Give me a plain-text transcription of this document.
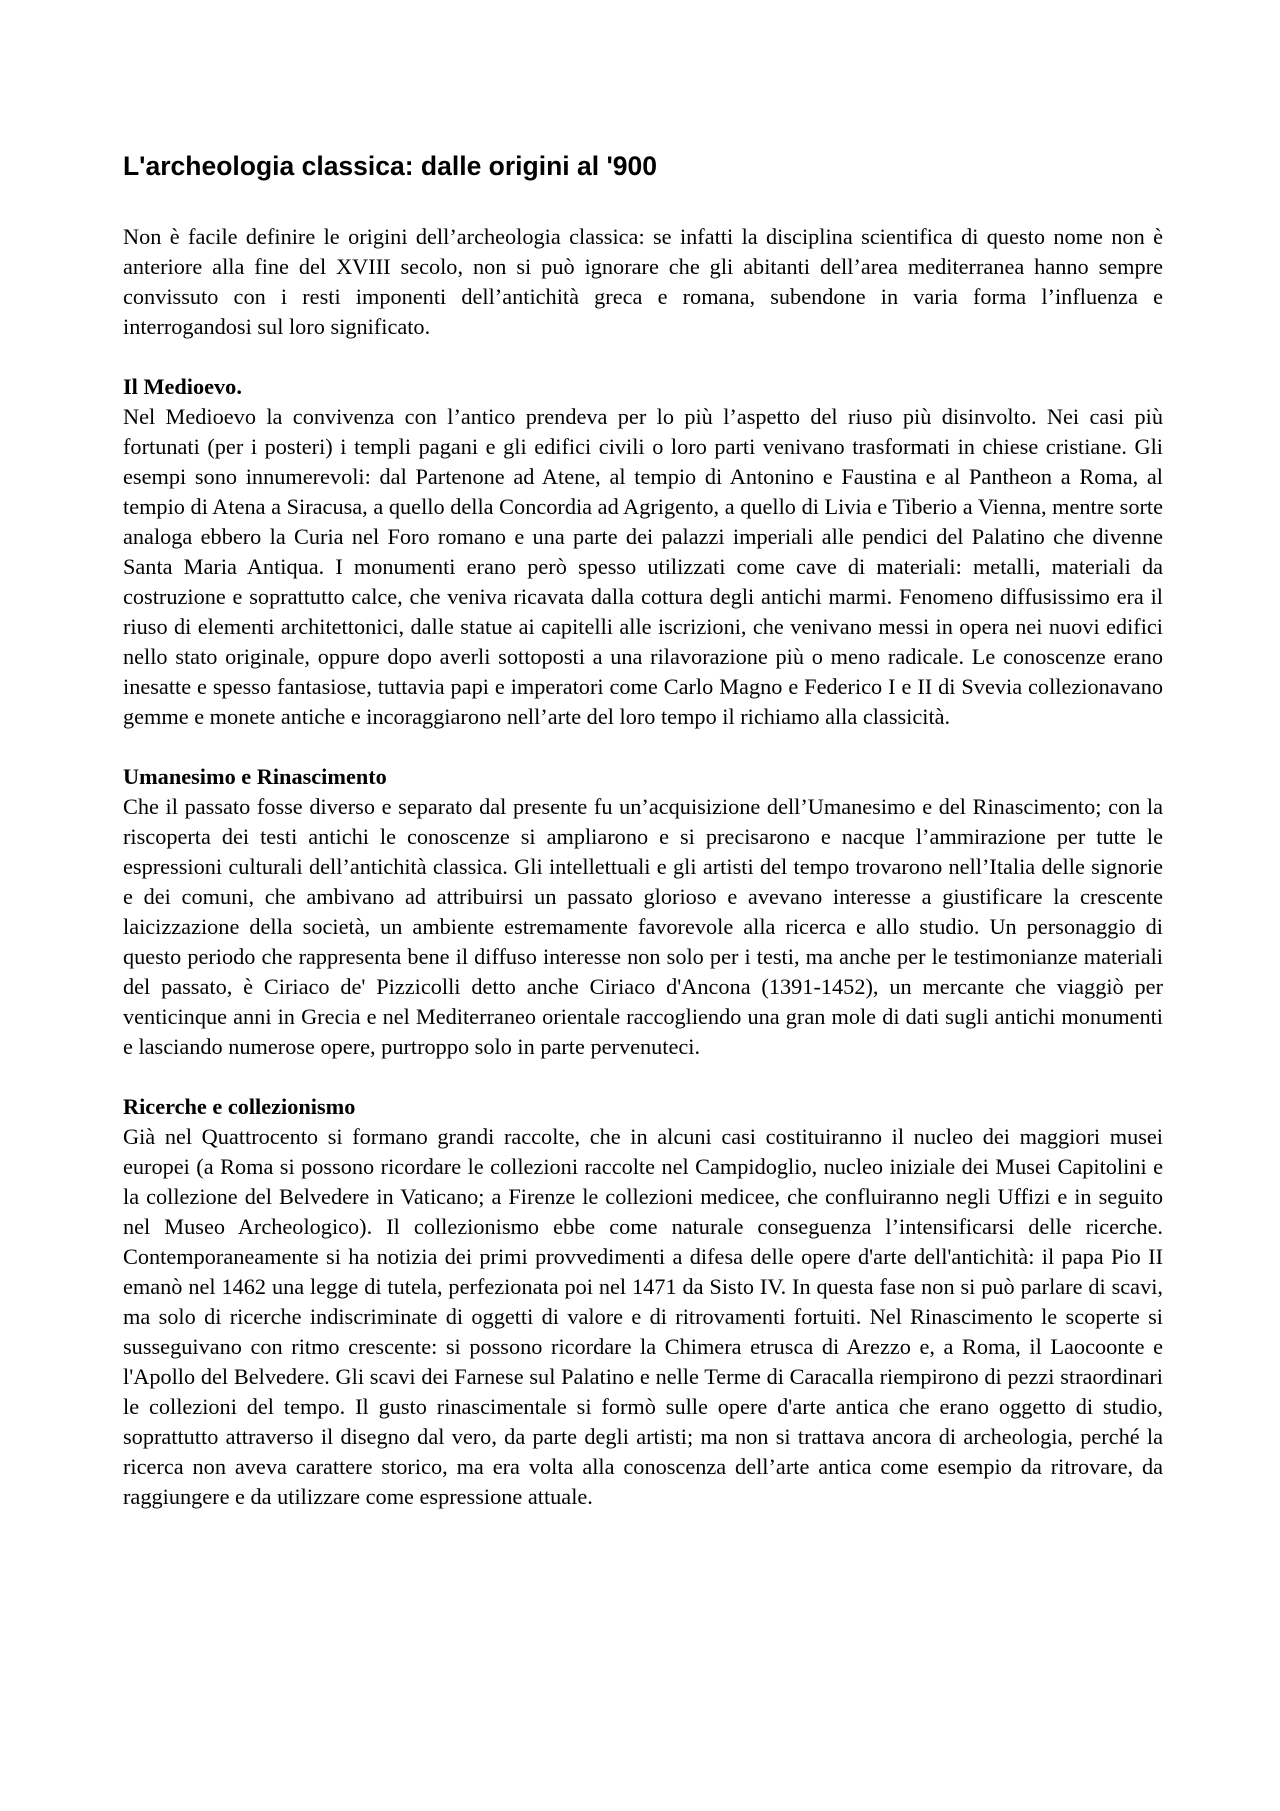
L'archeologia classica: dalle origini al '900

Non è facile definire le origini dell’archeologia classica: se infatti la disciplina scientifica di questo nome non è anteriore alla fine del XVIII secolo, non si può ignorare che gli abitanti dell’area mediterranea hanno sempre convissuto con i resti imponenti dell’antichità greca e romana, subendone in varia forma l’influenza e interrogandosi sul loro significato.

Il Medioevo.

Nel Medioevo la convivenza con l’antico prendeva per lo più l’aspetto del riuso più disinvolto. Nei casi più fortunati (per i posteri) i templi pagani e gli edifici civili o loro parti venivano trasformati in chiese cristiane. Gli esempi sono innumerevoli: dal Partenone ad Atene, al tempio di Antonino e Faustina e al Pantheon a Roma, al tempio di Atena a Siracusa, a quello della Concordia ad Agrigento, a quello di Livia e Tiberio a Vienna, mentre sorte analoga ebbero la Curia nel Foro romano e una parte dei palazzi imperiali alle pendici del Palatino che divenne Santa Maria Antiqua. I monumenti erano però spesso utilizzati come cave di materiali: metalli, materiali da costruzione e soprattutto calce, che veniva ricavata dalla cottura degli antichi marmi. Fenomeno diffusissimo era il riuso di elementi architettonici, dalle statue ai capitelli alle iscrizioni, che venivano messi in opera nei nuovi edifici nello stato originale, oppure dopo averli sottoposti a una rilavorazione più o meno radicale. Le conoscenze erano inesatte e spesso fantasiose, tuttavia papi e imperatori come Carlo Magno e Federico I e II di Svevia collezionavano gemme e monete antiche e incoraggiarono nell’arte del loro tempo il richiamo alla classicità.

Umanesimo e Rinascimento

Che il passato fosse diverso e separato dal presente fu un’acquisizione dell’Umanesimo e del Rinascimento; con la riscoperta dei testi antichi le conoscenze si ampliarono e si precisarono e nacque l’ammirazione per tutte le espressioni culturali dell’antichità classica. Gli intellettuali e gli artisti del tempo trovarono nell’Italia delle signorie e dei comuni, che ambivano ad attribuirsi un passato glorioso e avevano interesse a giustificare la crescente laicizzazione della società, un ambiente estremamente favorevole alla ricerca e allo studio. Un personaggio di questo periodo che rappresenta bene il diffuso interesse non solo per i testi, ma anche per le testimonianze materiali del passato, è Ciriaco de' Pizzicolli detto anche Ciriaco d'Ancona (1391-1452), un mercante che viaggiò per venticinque anni in Grecia e nel Mediterraneo orientale raccogliendo una gran mole di dati sugli antichi monumenti e lasciando numerose opere, purtroppo solo in parte pervenuteci.

Ricerche e collezionismo

Già nel Quattrocento si formano grandi raccolte, che in alcuni casi costituiranno il nucleo dei maggiori musei europei (a Roma si possono ricordare le collezioni raccolte nel Campidoglio, nucleo iniziale dei Musei Capitolini e la collezione del Belvedere in Vaticano; a Firenze le collezioni medicee, che confluiranno negli Uffizi e in seguito nel Museo Archeologico). Il collezionismo ebbe come naturale conseguenza l’intensificarsi delle ricerche. Contemporaneamente si ha notizia dei primi provvedimenti a difesa delle opere d'arte dell'antichità: il papa Pio II emanò nel 1462 una legge di tutela, perfezionata poi nel 1471 da Sisto IV. In questa fase non si può parlare di scavi, ma solo di ricerche indiscriminate di oggetti di valore e di ritrovamenti fortuiti. Nel Rinascimento le scoperte si susseguivano con ritmo crescente: si possono ricordare la Chimera etrusca di Arezzo e, a Roma, il Laocoonte e l'Apollo del Belvedere. Gli scavi dei Farnese sul Palatino e nelle Terme di Caracalla riempirono di pezzi straordinari le collezioni del tempo. Il gusto rinascimentale si formò sulle opere d'arte antica che erano oggetto di studio, soprattutto attraverso il disegno dal vero, da parte degli artisti; ma non si trattava ancora di archeologia, perché la ricerca non aveva carattere storico, ma era volta alla conoscenza dell’arte antica come esempio da ritrovare, da raggiungere e da utilizzare come espressione attuale.
